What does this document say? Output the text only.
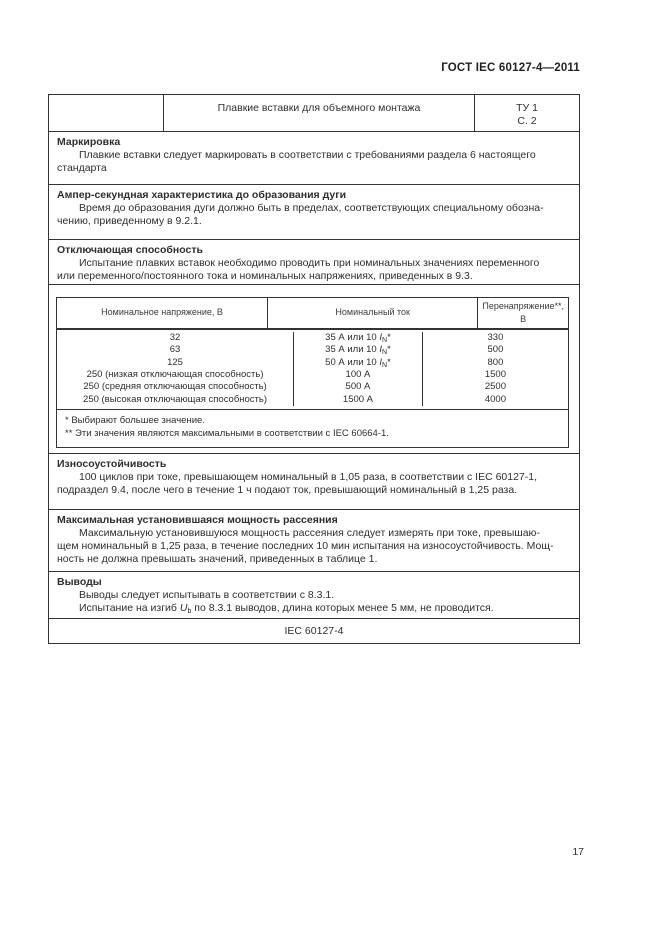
ГОСТ IEC 60127-4—2011
Плавкие вставки для объемного монтажа	ТУ 1
С. 2
Маркировка
Плавкие вставки следует маркировать в соответствии с требованиями раздела 6 настоящего
стандарта
Ампер-секундная характеристика до образования дуги
Время до образования дуги должно быть в пределах, соответствующих специальному обозна-
чению, приведенному в 9.2.1.
Отключающая способность
Испытание плавких вставок необходимо проводить при номинальных значениях переменного
или переменного/постоянного тока и номинальных напряжениях, приведенных в 9.3.
Номинальное напряжение, В	Номинальный ток
Перенапряжение**, В
32
63
125
250 (низкая отключающая способность)
250 (средняя отключающая способность)
250 (высокая отключающая способность)
35 А или 10 $I_N*$
35 А или 10 $I_N*$
50 А или 10 $I_N*$
100 А
500 А
1500 А
330
500
800
1500
2500
4000
* Выбирают большее значение.
** Эти значения являются максимальными в соответствии с IEC 60664-1.
Износоустойчивость
100 циклов при токе, превышающем номинальный в 1,05 раза, в соответствии с IEC 60127-1,
подраздел 9.4, после чего в течение 1 ч подают ток, превышающий номинальный в 1,25 раза.
Максимальная установившаяся мощность рассеяния
Максимальную установившуюся мощность рассеяния следует измерять при токе, превышаю-
щем номинальный в 1,25 раза, в течение последних 10 мин испытания на износоустойчивость. Мощ-
ность не должна превышать значений, приведенных в таблице 1.
Выводы
Выводы следует испытывать в соответствии с 8.3.1.
Испытание на изгиб $U_b$ по 8.3.1 выводов, длина которых менее 5 мм, не проводится.
IEC 60127-4
17
